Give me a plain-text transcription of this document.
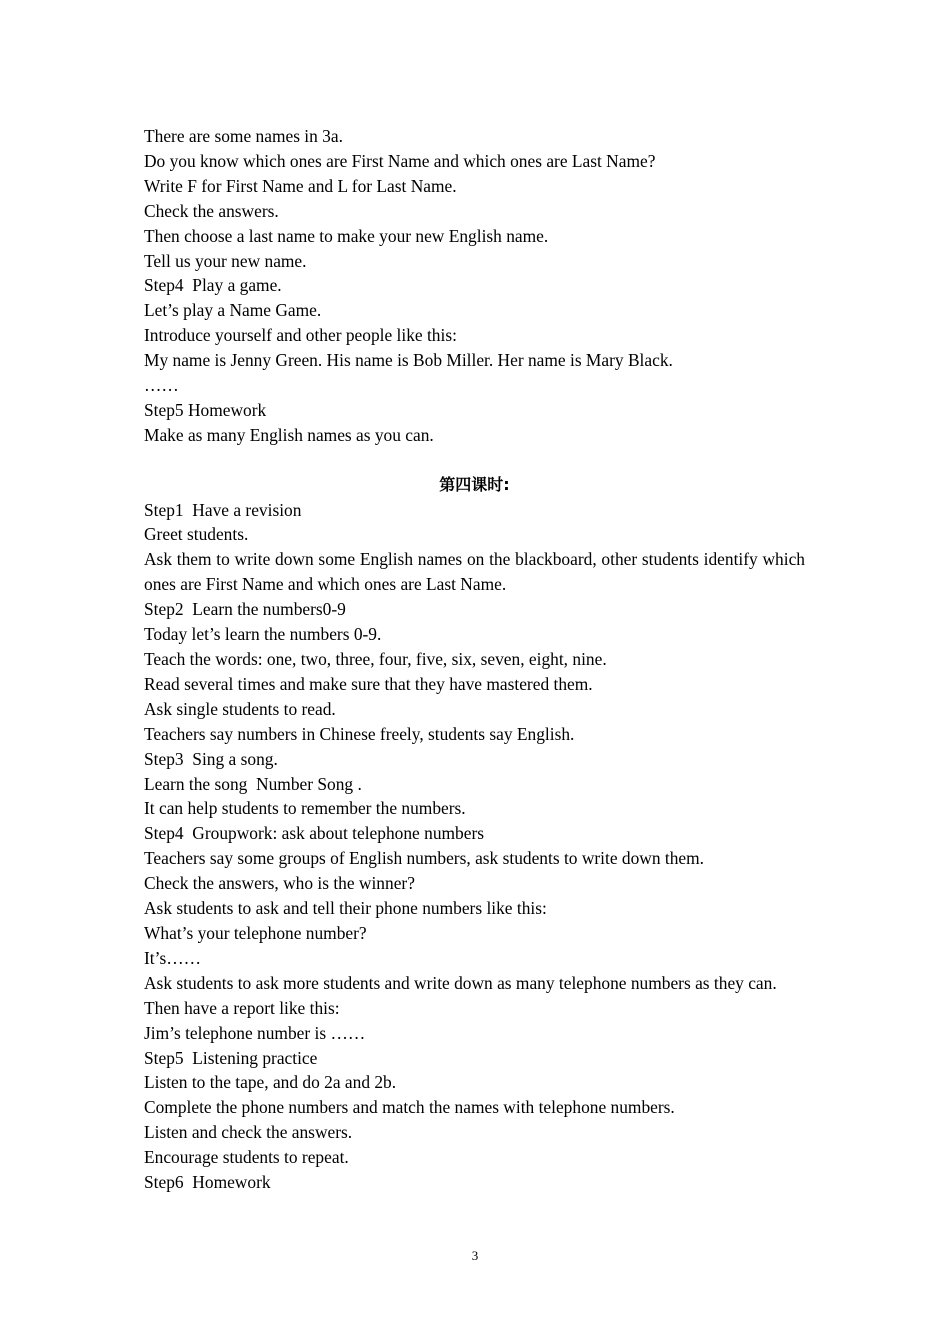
There are some names in 3a.
Do you know which ones are First Name and which ones are Last Name?
Write F for First Name and L for Last Name.
Check the answers.
Then choose a last name to make your new English name.
Tell us your new name.
Step4  Play a game.
Let’s play a Name Game.
Introduce yourself and other people like this:
My name is Jenny Green. His name is Bob Miller. Her name is Mary Black.
……
Step5 Homework
Make as many English names as you can.
第四课时:
Step1  Have a revision
Greet students.
Ask them to write down some English names on the blackboard, other students identify which ones are First Name and which ones are Last Name.
Step2  Learn the numbers0-9
Today let’s learn the numbers 0-9.
Teach the words: one, two, three, four, five, six, seven, eight, nine.
Read several times and make sure that they have mastered them.
Ask single students to read.
Teachers say numbers in Chinese freely, students say English.
Step3  Sing a song.
Learn the song  Number Song .
It can help students to remember the numbers.
Step4  Groupwork: ask about telephone numbers
Teachers say some groups of English numbers, ask students to write down them.
Check the answers, who is the winner?
Ask students to ask and tell their phone numbers like this:
What’s your telephone number?
It’s……
Ask students to ask more students and write down as many telephone numbers as they can.
Then have a report like this:
Jim’s telephone number is ……
Step5  Listening practice
Listen to the tape, and do 2a and 2b.
Complete the phone numbers and match the names with telephone numbers.
Listen and check the answers.
Encourage students to repeat.
Step6  Homework
3
